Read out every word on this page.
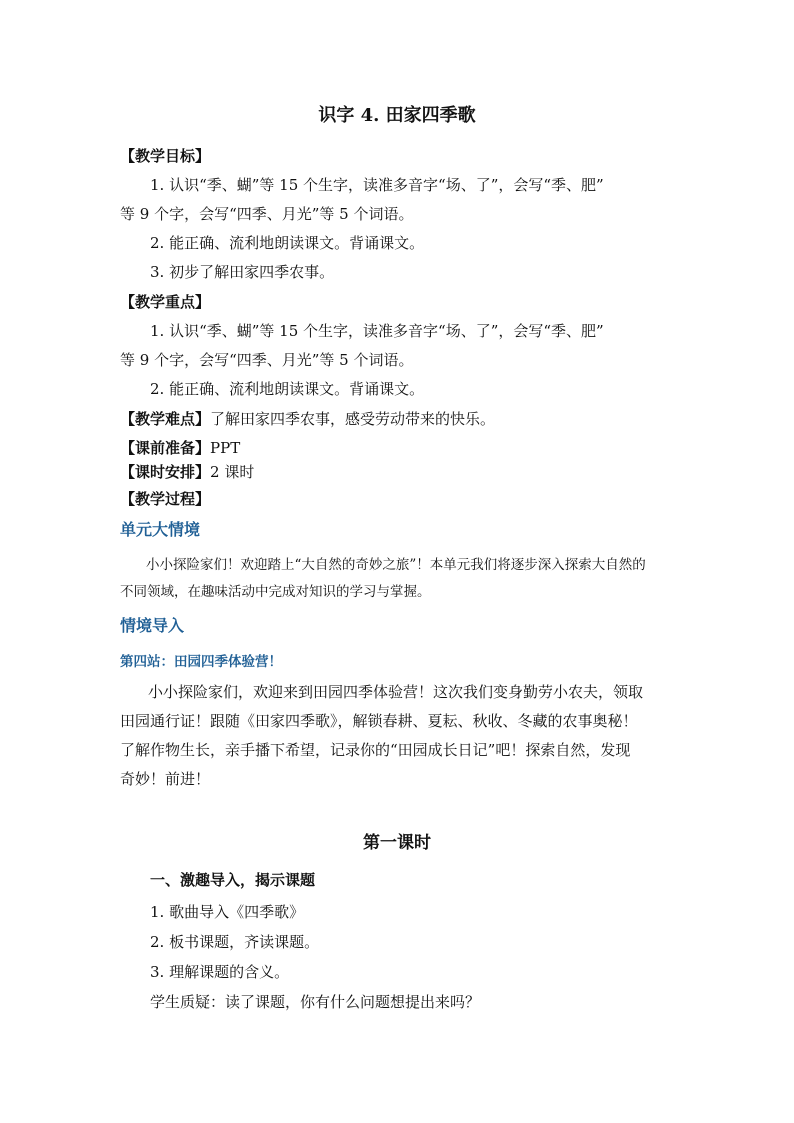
识字 4. 田家四季歌
【教学目标】
1. 认识“季、蝴”等 15 个生字，读准多音字“场、了”，会写“季、肥”
等 9 个字，会写“四季、月光”等 5 个词语。
2. 能正确、流利地朗读课文。背诵课文。
3. 初步了解田家四季农事。
【教学重点】
1. 认识“季、蝴”等 15 个生字，读准多音字“场、了”，会写“季、肥”
等 9 个字，会写“四季、月光”等 5 个词语。
2. 能正确、流利地朗读课文。背诵课文。
【教学难点】了解田家四季农事，感受劳动带来的快乐。
【课前准备】PPT
【课时安排】2 课时
【教学过程】
单元大情境
小小探险家们！欢迎踏上“大自然的奇妙之旅”！本单元我们将逐步深入探索大自然的
不同领域，在趣味活动中完成对知识的学习与掌握。
情境导入
第四站：田园四季体验营！
小小探险家们，欢迎来到田园四季体验营！这次我们变身勤劳小农夫，领取
田园通行证！跟随《田家四季歌》，解锁春耕、夏耘、秋收、冬藏的农事奥秘！
了解作物生长，亲手播下希望，记录你的“田园成长日记”吧！探索自然，发现
奇妙！前进！
第一课时
一、激趣导入，揭示课题
1. 歌曲导入《四季歌》
2. 板书课题，齐读课题。
3. 理解课题的含义。
学生质疑：读了课题，你有什么问题想提出来吗？
